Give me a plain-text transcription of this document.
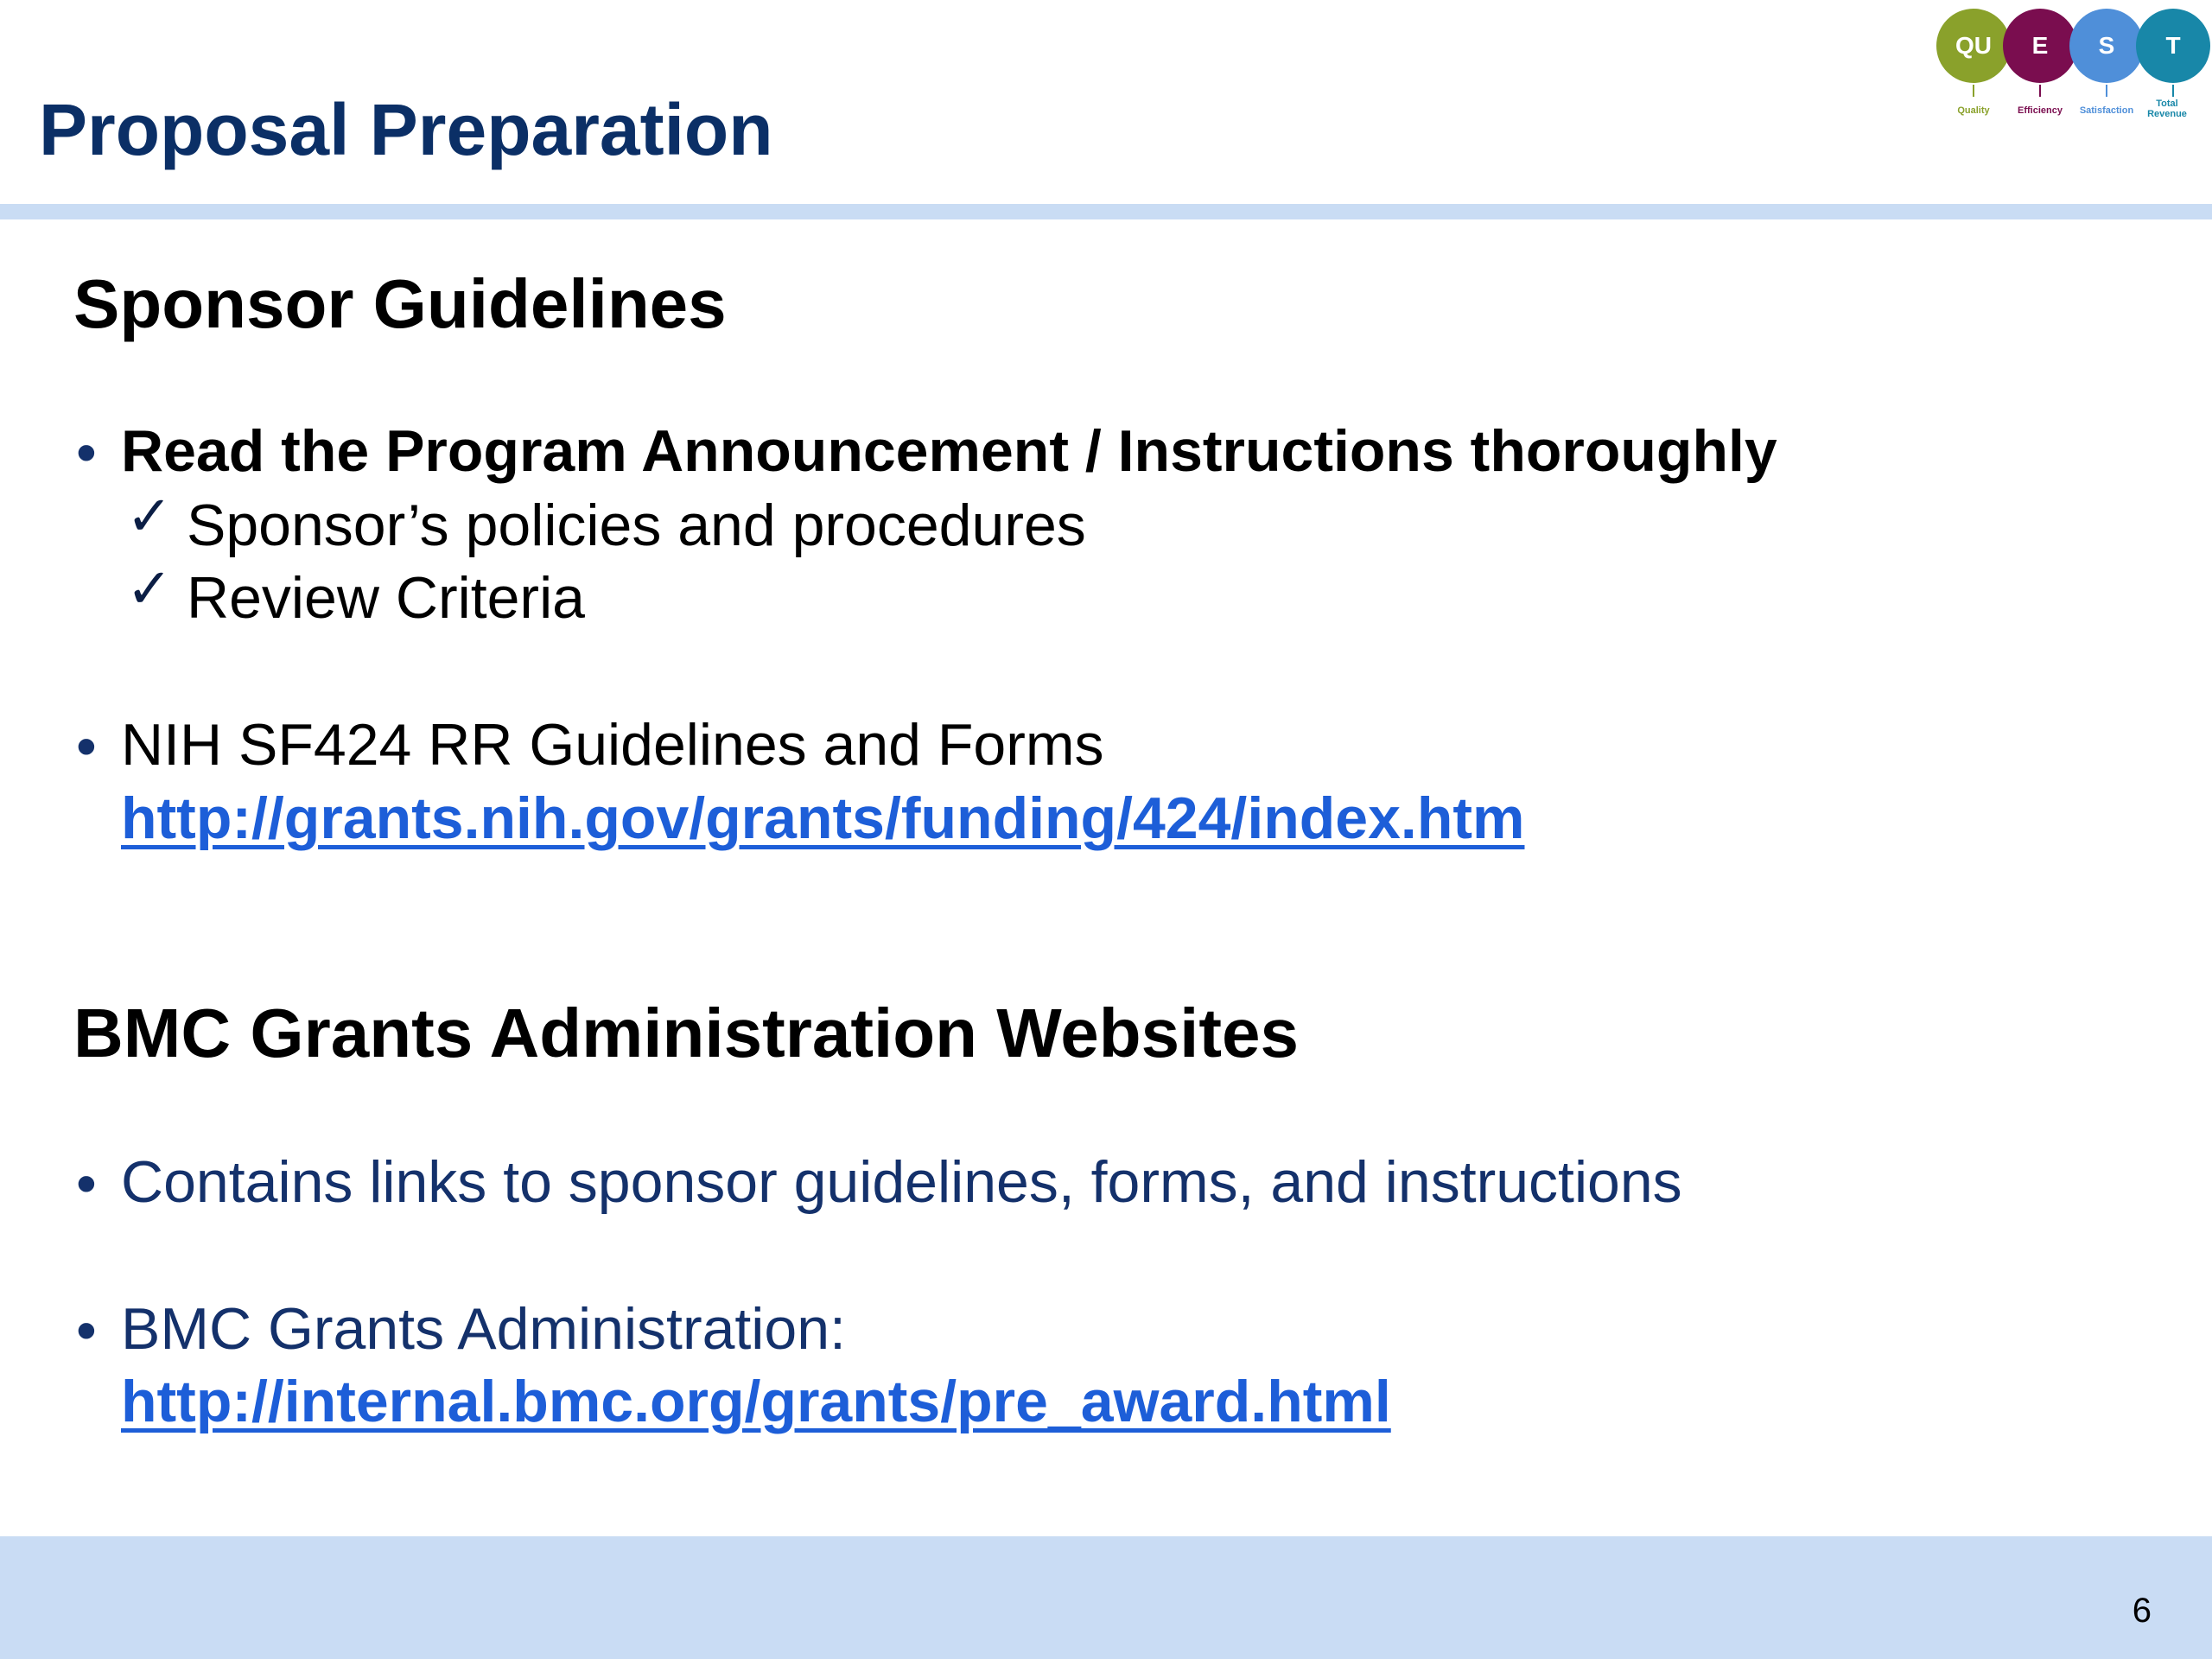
Proposal Preparation
QU	E	S	T
Quality	Efficiency	Satisfaction
Total Revenue
Sponsor Guidelines
• Read the Program Announcement / Instructions thoroughly
✓ Sponsor’s policies and procedures
✓ Review Criteria
• NIH SF424 RR Guidelines and Forms
http://grants.nih.gov/grants/funding/424/index.htm
BMC Grants Administration Websites
• Contains links to sponsor guidelines, forms, and instructions
• BMC Grants Administration:
http://internal.bmc.org/grants/pre_award.html
6
